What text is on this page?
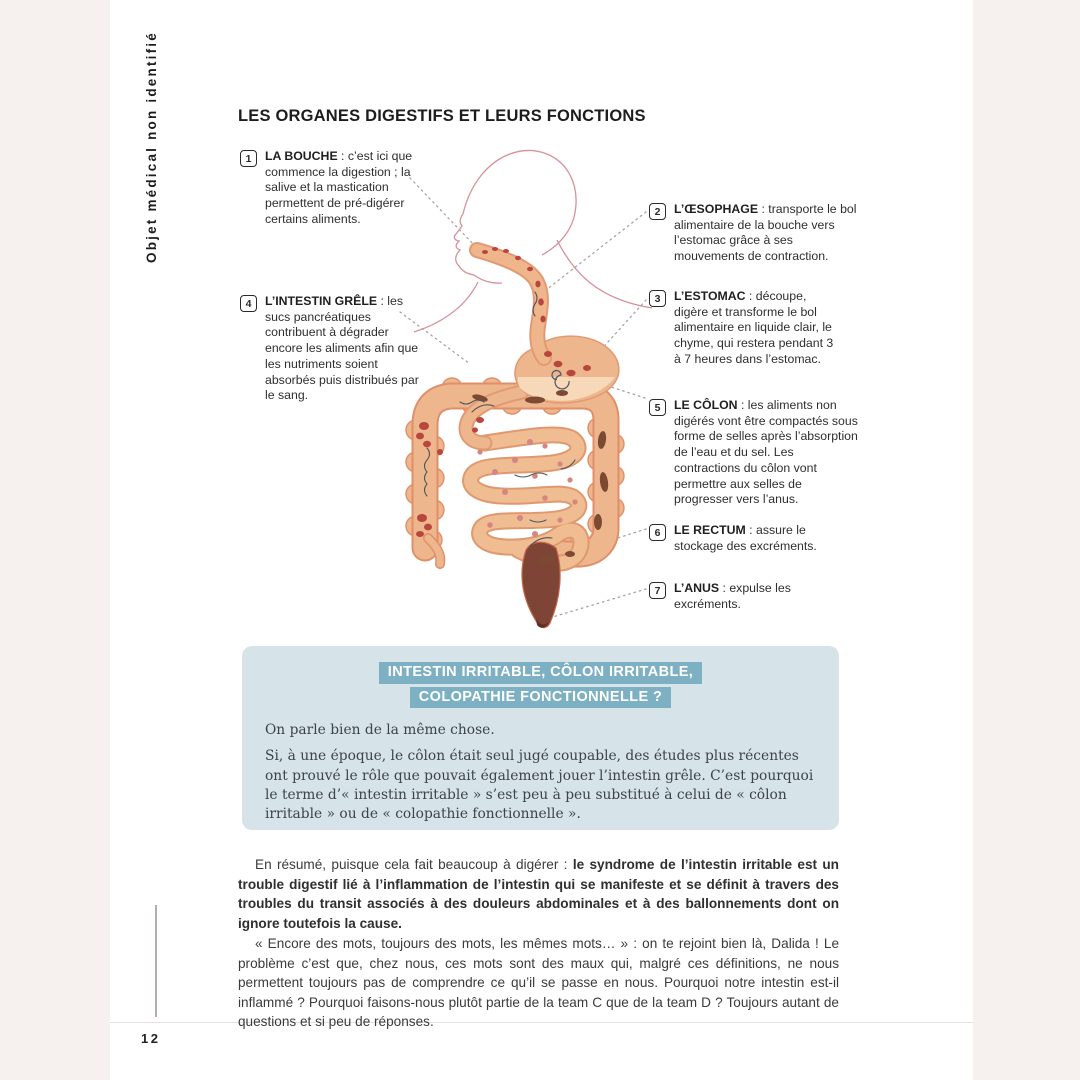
Objet médical non identifié	LES ORGANES DIGESTIFS ET LEURS FONCTIONS
1	LA BOUCHE : c’est ici que commence la digestion ; la salive et la mastication permettent de pré-digérer certains aliments.
2	L’ŒSOPHAGE : transporte le bol alimentaire de la bouche vers l’estomac grâce à ses mouvements de contraction.
3	L’ESTOMAC : découpe, digère et transforme le bol alimentaire en liquide clair, le chyme, qui restera pendant 3 à 7 heures dans l’estomac.
4	L’INTESTIN GRÊLE : les sucs pancréatiques contribuent à dégrader encore les aliments afin que les nutriments soient absorbés puis distribués par le sang.
5	LE CÔLON : les aliments non digérés vont être compactés sous forme de selles après l’absorption de l’eau et du sel. Les contractions du côlon vont permettre aux selles de progresser vers l’anus.
6	LE RECTUM : assure le stockage des excréments.
7	L’ANUS : expulse les excréments.
INTESTIN IRRITABLE, CÔLON IRRITABLE,
COLOPATHIE FONCTIONNELLE ?

On parle bien de la même chose.

Si, à une époque, le côlon était seul jugé coupable, des études plus récentes ont prouvé le rôle que pouvait également jouer l’intestin grêle. C’est pourquoi le terme d’« intestin irritable » s’est peu à peu substitué à celui de « côlon irritable » ou de « colopathie fonctionnelle ».

En résumé, puisque cela fait beaucoup à digérer : le syndrome de l’intestin irritable est un trouble digestif lié à l’inflammation de l’intestin qui se manifeste et se définit à travers des troubles du transit associés à des douleurs abdominales et à des ballonnements dont on ignore toutefois la cause.

« Encore des mots, toujours des mots, les mêmes mots… » : on te rejoint bien là, Dalida ! Le problème c’est que, chez nous, ces mots sont des maux qui, malgré ces définitions, ne nous permettent toujours pas de comprendre ce qu’il se passe en nous. Pourquoi notre intestin est-il inflammé ? Pourquoi faisons-nous plutôt partie de la team C que de la team D ? Toujours autant de questions et si peu de réponses.

12
